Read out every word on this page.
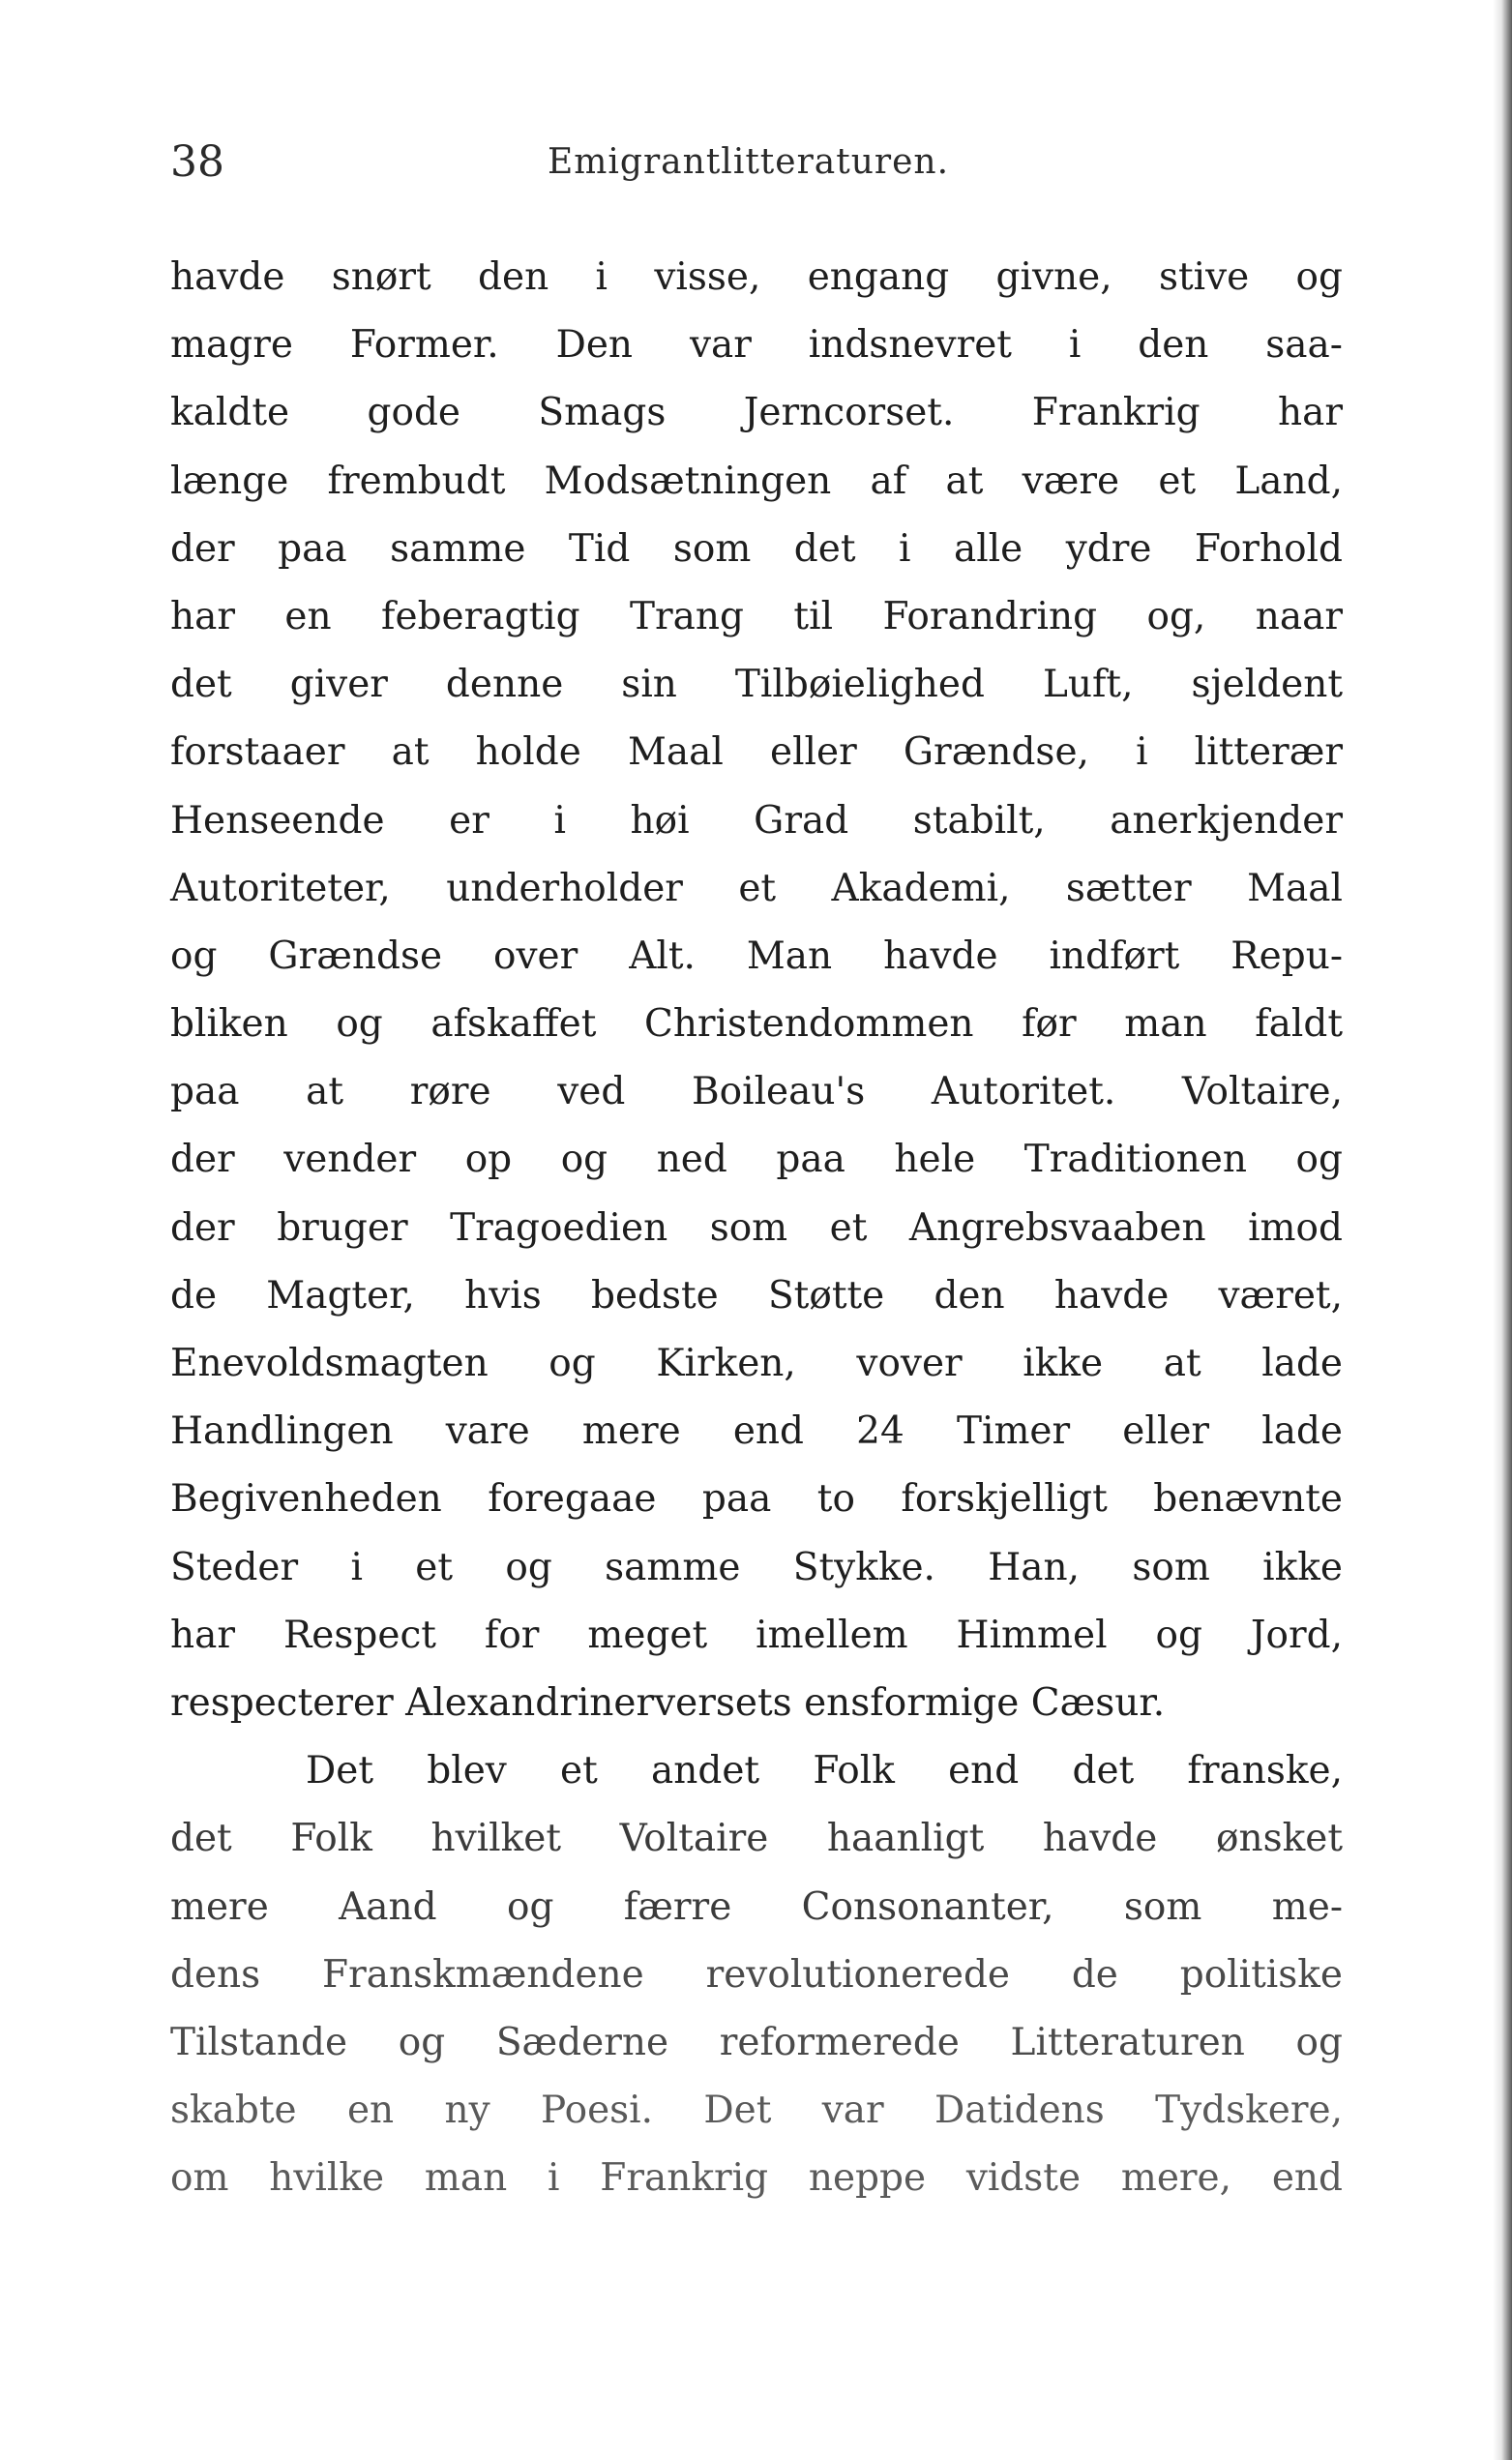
38	Emigrantlitteraturen.
havde snørt den i visse, engang givne, stive og
magre Former. Den var indsnevret i den saa-
kaldte gode Smags Jerncorset. Frankrig har
længe frembudt Modsætningen af at være et Land,
der paa samme Tid som det i alle ydre Forhold
har en feberagtig Trang til Forandring og, naar
det giver denne sin Tilbøielighed Luft, sjeldent
forstaaer at holde Maal eller Grændse, i litterær
Henseende er i høi Grad stabilt, anerkjender
Autoriteter, underholder et Akademi, sætter Maal
og Grændse over Alt. Man havde indført Repu-
bliken og afskaffet Christendommen før man faldt
paa at røre ved Boileau's Autoritet. Voltaire,
der vender op og ned paa hele Traditionen og
der bruger Tragoedien som et Angrebsvaaben imod
de Magter, hvis bedste Støtte den havde været,
Enevoldsmagten og Kirken, vover ikke at lade
Handlingen vare mere end 24 Timer eller lade
Begivenheden foregaae paa to forskjelligt benævnte
Steder i et og samme Stykke. Han, som ikke
har Respect for meget imellem Himmel og Jord,
respecterer Alexandrinerversets ensformige Cæsur.
Det blev et andet Folk end det franske,
det Folk hvilket Voltaire haanligt havde ønsket
mere Aand og færre Consonanter, som me-
dens Franskmændene revolutionerede de politiske
Tilstande og Sæderne reformerede Litteraturen og
skabte en ny Poesi. Det var Datidens Tydskere,
om hvilke man i Frankrig neppe vidste mere, end
